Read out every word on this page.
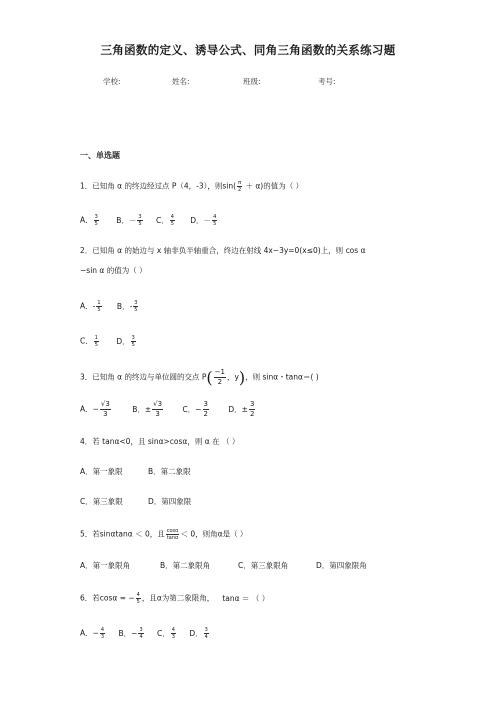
三角函数的定义、诱导公式、同角三角函数的关系练习题
学校:	姓名:	班级:	考号:
一、单选题
1．已知角 α 的终边经过点 P（4，-3），则$\sin( \frac{\pi}{2} + \alpha)$的值为（ ）
A． $\frac{3}{5}$ B．－ $\frac{3}{5}$ C． $\frac{4}{5}$ D．－ $\frac{4}{5}$
2．已知角 α 的始边与 x 轴非负半轴重合，终边在射线 4x−3y=0(x≤0)上，则 cos α
−sin α 的值为（ ）
A．- $\frac{1}{5}$ B．- $\frac{3}{5}$
C． $\frac{1}{5}$ D． $\frac{3}{5}$
3．已知角 α 的终边与单位圆的交点 $P( \frac{-1}{2}$ ，y)，则 sinα・tanα＝( )
A．− $\frac{√3}{3}$	B．± $\frac{√3}{3}$	C．− $\frac{3}{2}$	D．± $\frac{3}{2}$
4．若 tanα<0，且 sinα>cosα，则 α 在 （ ）
A．第一象限	B．第二象限
C．第三象限	D．第四象限
5．若sinαtanα ＜ 0，且 $\frac{\cos\alpha}{\tan\alpha} < 0$，则角α是（ ）
A．第一象限角	B．第二象限角	C．第三象限角	D．第四象限角
6．若cosα = − $\frac{4}{5}$ ，且α为第二象限角， tanα ＝ （ ）
A．− $\frac{4}{3}$ B．− $\frac{3}{4}$ C． $\frac{4}{3}$ D． $\frac{3}{4}$
